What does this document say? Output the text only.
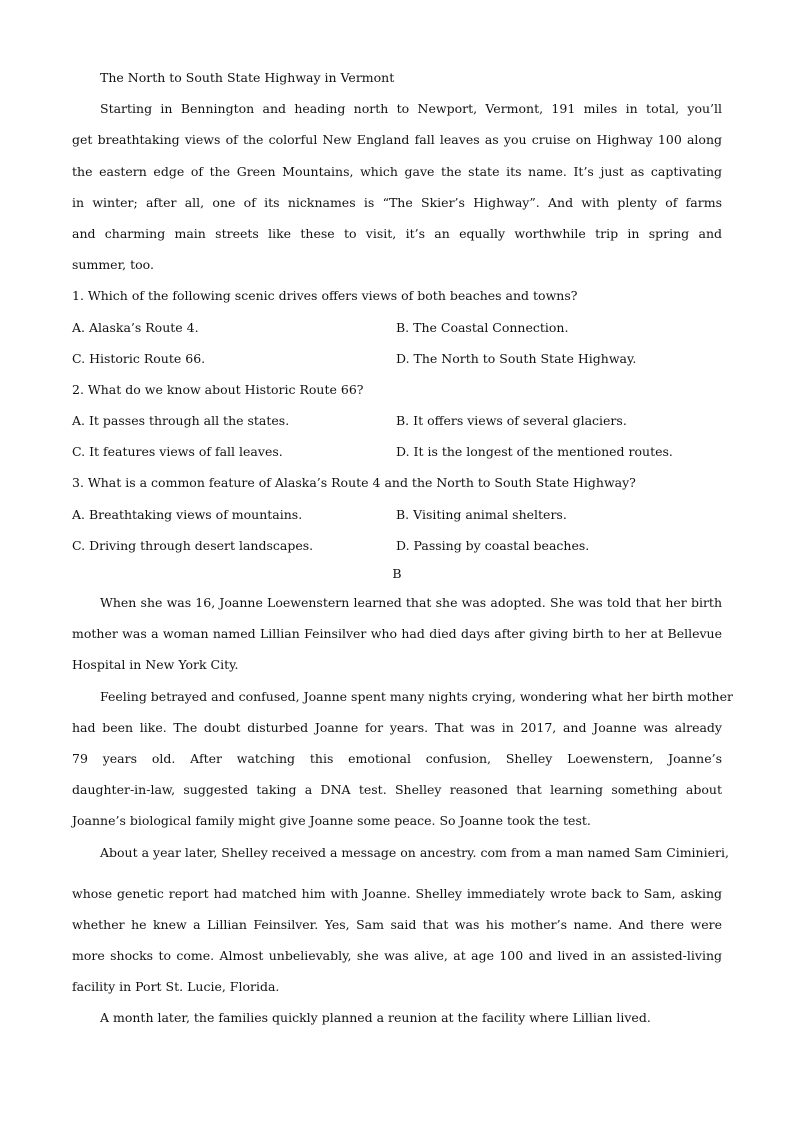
The North to South State Highway in Vermont
Starting in Bennington and heading north to Newport, Vermont, 191 miles in total, you’ll
get breathtaking views of the colorful New England fall leaves as you cruise on Highway 100 along
the eastern edge of the Green Mountains, which gave the state its name. It’s just as captivating
in winter; after all, one of its nicknames is “The Skier’s Highway”. And with plenty of farms
and charming main streets like these to visit, it’s an equally worthwhile trip in spring and
summer, too.
1. Which of the following scenic drives offers views of both beaches and towns?
A. Alaska’s Route 4.	B. The Coastal Connection.
C. Historic Route 66.	D. The North to South State Highway.
2. What do we know about Historic Route 66?
A. It passes through all the states.	B. It offers views of several glaciers.
C. It features views of fall leaves.	D. It is the longest of the mentioned routes.
3. What is a common feature of Alaska’s Route 4 and the North to South State Highway?
A. Breathtaking views of mountains.	B. Visiting animal shelters.
C. Driving through desert landscapes.	D. Passing by coastal beaches.
B
When she was 16, Joanne Loewenstern learned that she was adopted. She was told that her birth
mother was a woman named Lillian Feinsilver who had died days after giving birth to her at Bellevue
Hospital in New York City.
Feeling betrayed and confused, Joanne spent many nights crying, wondering what her birth mother
had been like. The doubt disturbed Joanne for years. That was in 2017, and Joanne was already
79 years old. After watching this emotional confusion, Shelley Loewenstern, Joanne’s
daughter-in-law, suggested taking a DNA test. Shelley reasoned that learning something about
Joanne’s biological family might give Joanne some peace. So Joanne took the test.
About a year later, Shelley received a message on ancestry. com from a man named Sam Ciminieri,
whose genetic report had matched him with Joanne. Shelley immediately wrote back to Sam, asking
whether he knew a Lillian Feinsilver. Yes, Sam said that was his mother’s name. And there were
more shocks to come. Almost unbelievably, she was alive, at age 100 and lived in an assisted-living
facility in Port St. Lucie, Florida.
A month later, the families quickly planned a reunion at the facility where Lillian lived.
